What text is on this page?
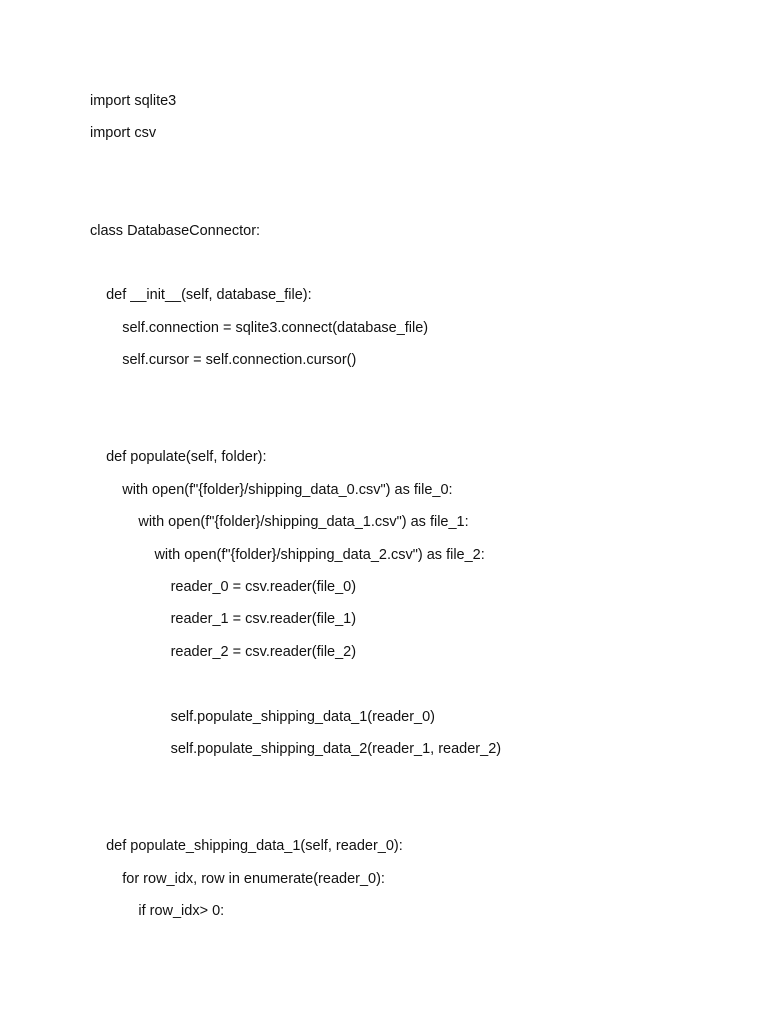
import sqlite3
import csv
class DatabaseConnector:
def __init__(self, database_file):
self.connection = sqlite3.connect(database_file)
self.cursor = self.connection.cursor()
def populate(self, folder):
with open(f"{folder}/shipping_data_0.csv") as file_0:
with open(f"{folder}/shipping_data_1.csv") as file_1:
with open(f"{folder}/shipping_data_2.csv") as file_2:
reader_0 = csv.reader(file_0)
reader_1 = csv.reader(file_1)
reader_2 = csv.reader(file_2)
self.populate_shipping_data_1(reader_0)
self.populate_shipping_data_2(reader_1, reader_2)
def populate_shipping_data_1(self, reader_0):
for row_idx, row in enumerate(reader_0):
if row_idx> 0:
